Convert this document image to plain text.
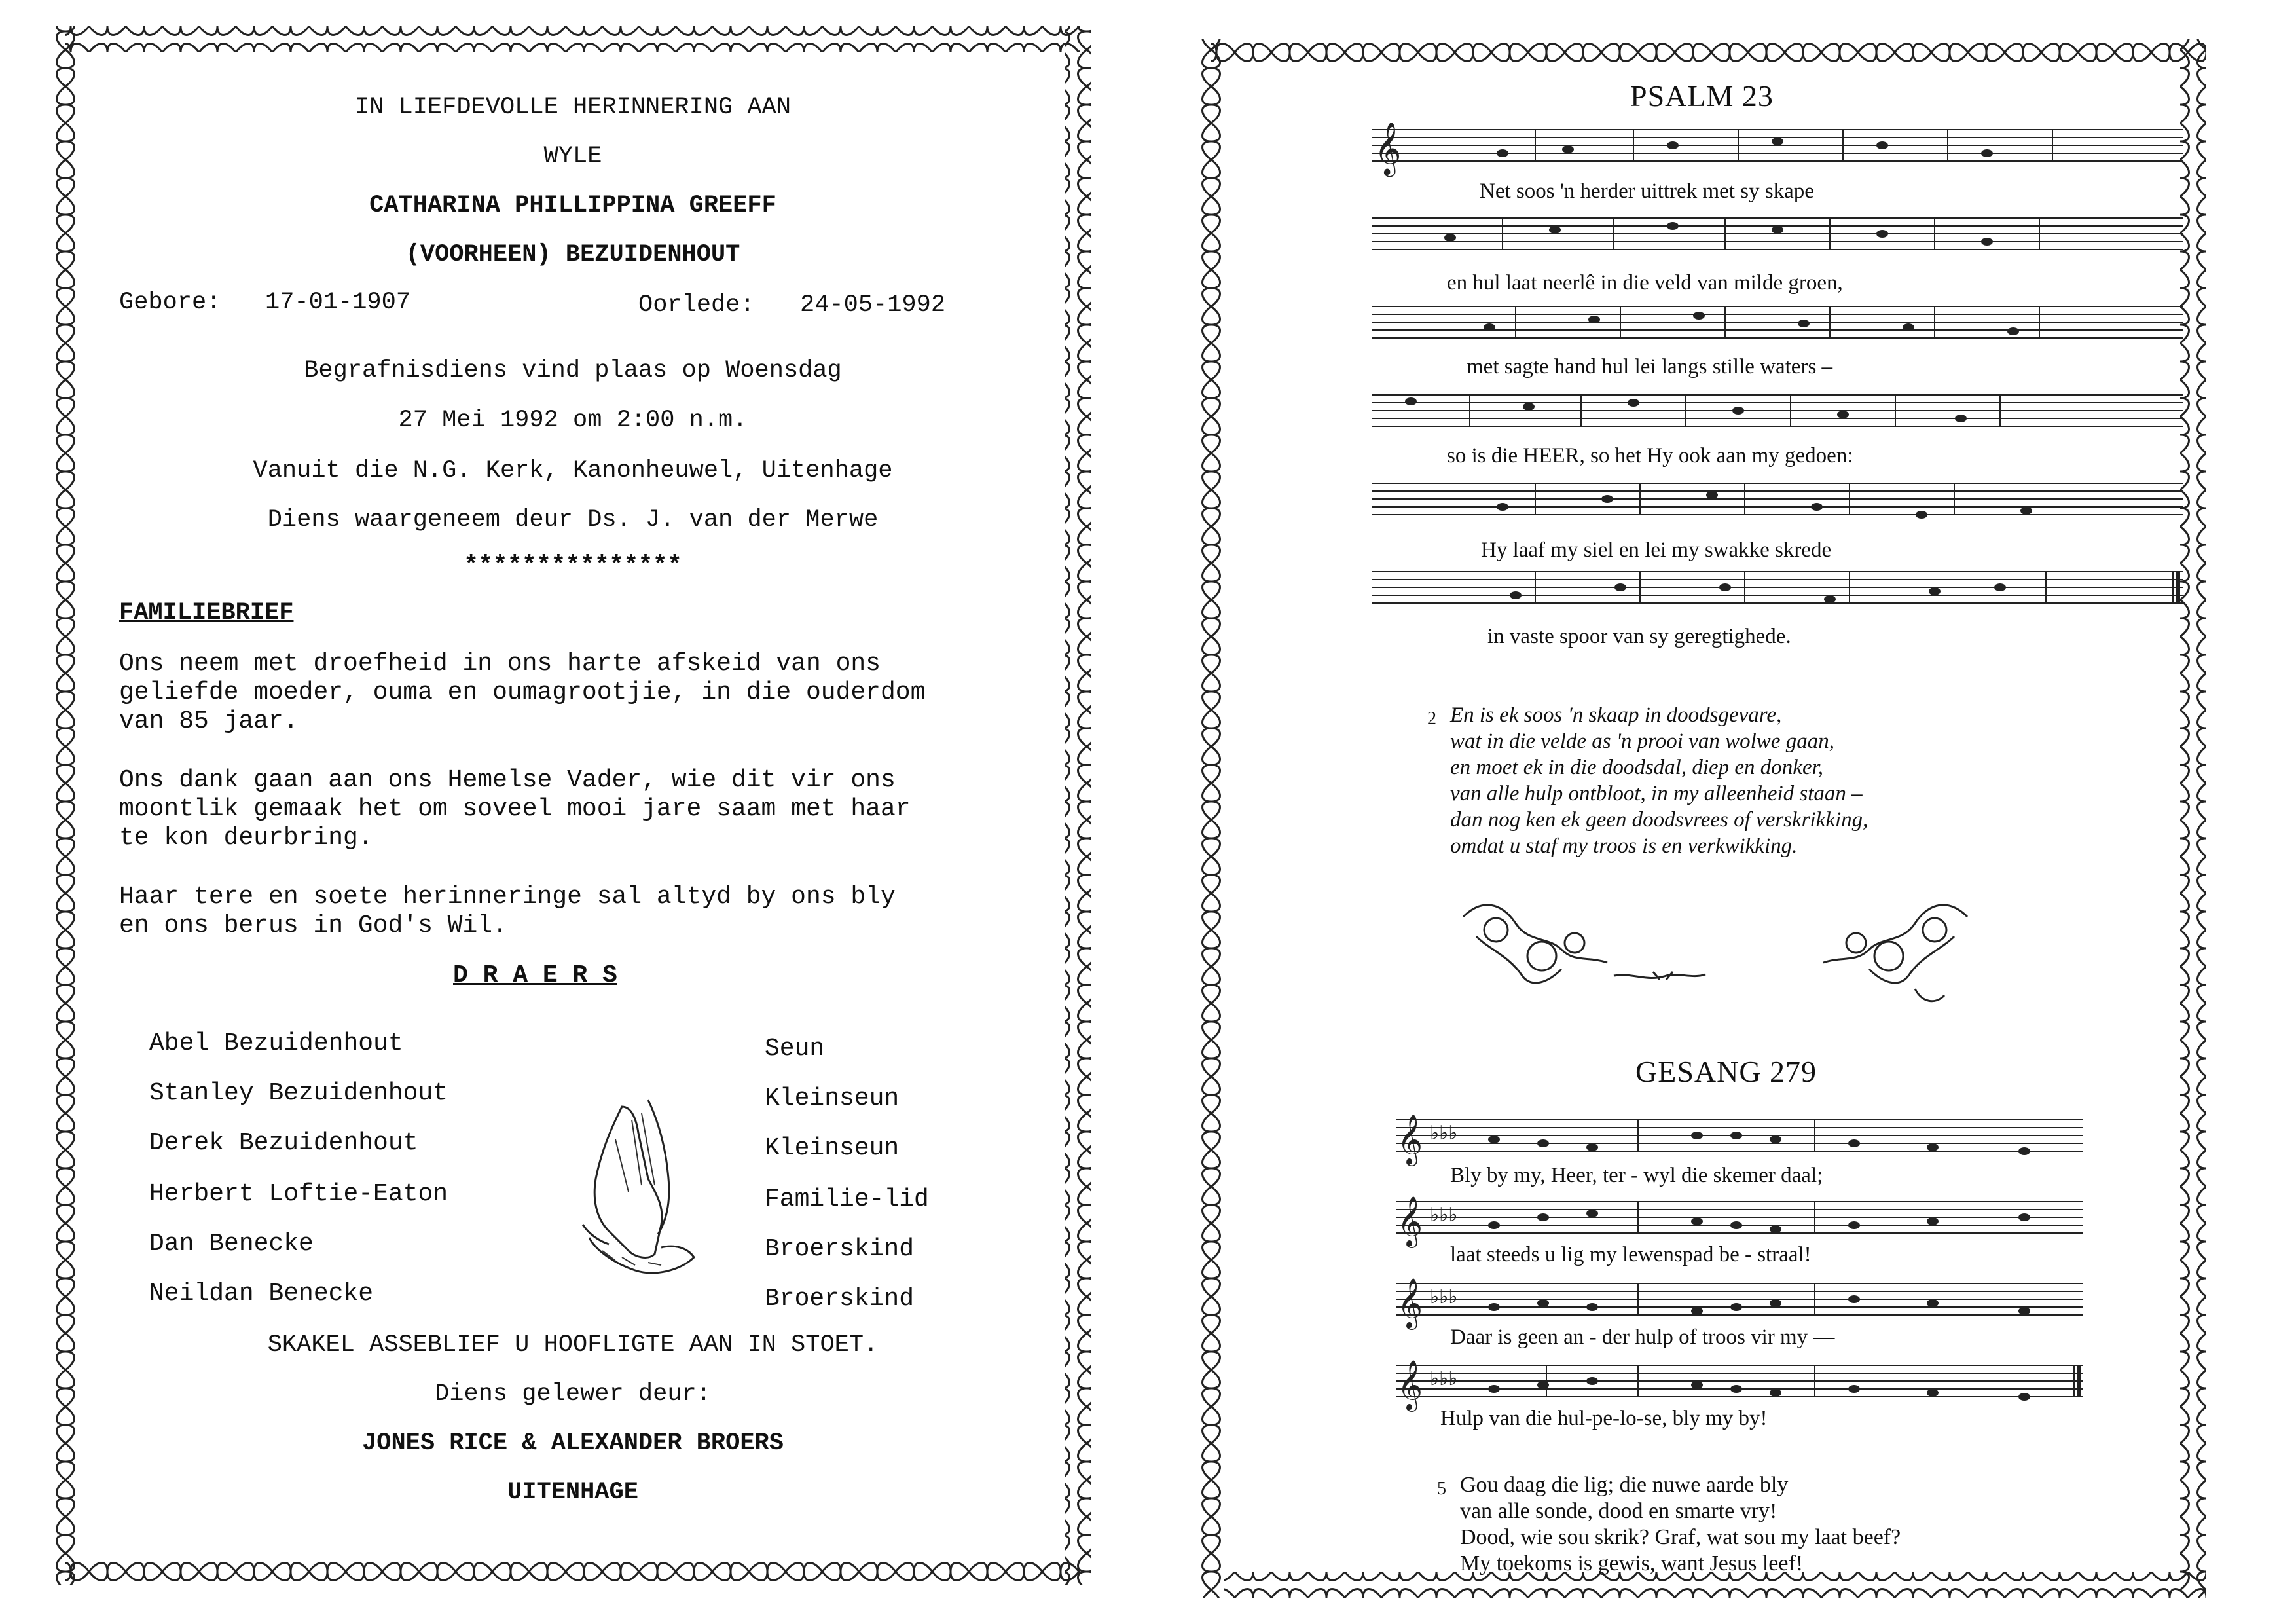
IN LIEFDEVOLLE HERINNERING AAN
WYLE
CATHARINA PHILLIPPINA GREEFF
(VOORHEEN) BEZUIDENHOUT
Gebore: 17-01-1907	Oorlede: 24-05-1992
Begrafnisdiens vind plaas op Woensdag
27 Mei 1992 om 2:00 n.m.
Vanuit die N.G. Kerk, Kanonheuwel, Uitenhage
Diens waargeneem deur Ds. J. van der Merwe
***************
FAMILIEBRIEF
Ons neem met droefheid in ons harte afskeid van ons
geliefde moeder, ouma en oumagrootjie, in die ouderdom
van 85 jaar.
Ons dank gaan aan ons Hemelse Vader, wie dit vir ons
moontlik gemaak het om soveel mooi jare saam met haar
te kon deurbring.
Haar tere en soete herinneringe sal altyd by ons bly
en ons berus in God's Wil.
D R A E R S
Abel Bezuidenhout	Seun
Stanley Bezuidenhout	Kleinseun
Derek Bezuidenhout	Kleinseun
Herbert Loftie-Eaton	Familie-lid
Dan Benecke	Broerskind
Neildan Benecke	Broerskind
SKAKEL ASSEBLIEF U HOOFLIGTE AAN IN STOET.
Diens gelewer deur:
JONES RICE & ALEXANDER BROERS
UITENHAGE
PSALM 23
𝄞
Net soos 'n herder uittrek met sy skape
en hul laat neerlê in die veld van milde groen,
met sagte hand hul lei langs stille waters –
so is die HEER, so het Hy ook aan my gedoen:
Hy laaf my siel en lei my swakke skrede
in vaste spoor van sy geregtighede.
2 En is ek soos 'n skaap in doodsgevare,
wat in die velde as 'n prooi van wolwe gaan,
en moet ek in die doodsdal, diep en donker,
van alle hulp ontbloot, in my alleenheid staan –
dan nog ken ek geen doodsvrees of verskrikking,
omdat u staf my troos is en verkwikking.
GESANG 279
𝄞
𝄞
𝄞
𝄞
♭♭♭
♭♭♭
♭♭♭
♭♭♭
Bly by my, Heer, ter - wyl die skemer daal;
laat steeds u lig my lewenspad be - straal!
Daar is geen an - der hulp of troos vir my —
Hulp van die hul-pe-lo-se, bly my by!
5 Gou daag die lig; die nuwe aarde bly
van alle sonde, dood en smarte vry!
Dood, wie sou skrik? Graf, wat sou my laat beef?
My toekoms is gewis, want Jesus leef!
